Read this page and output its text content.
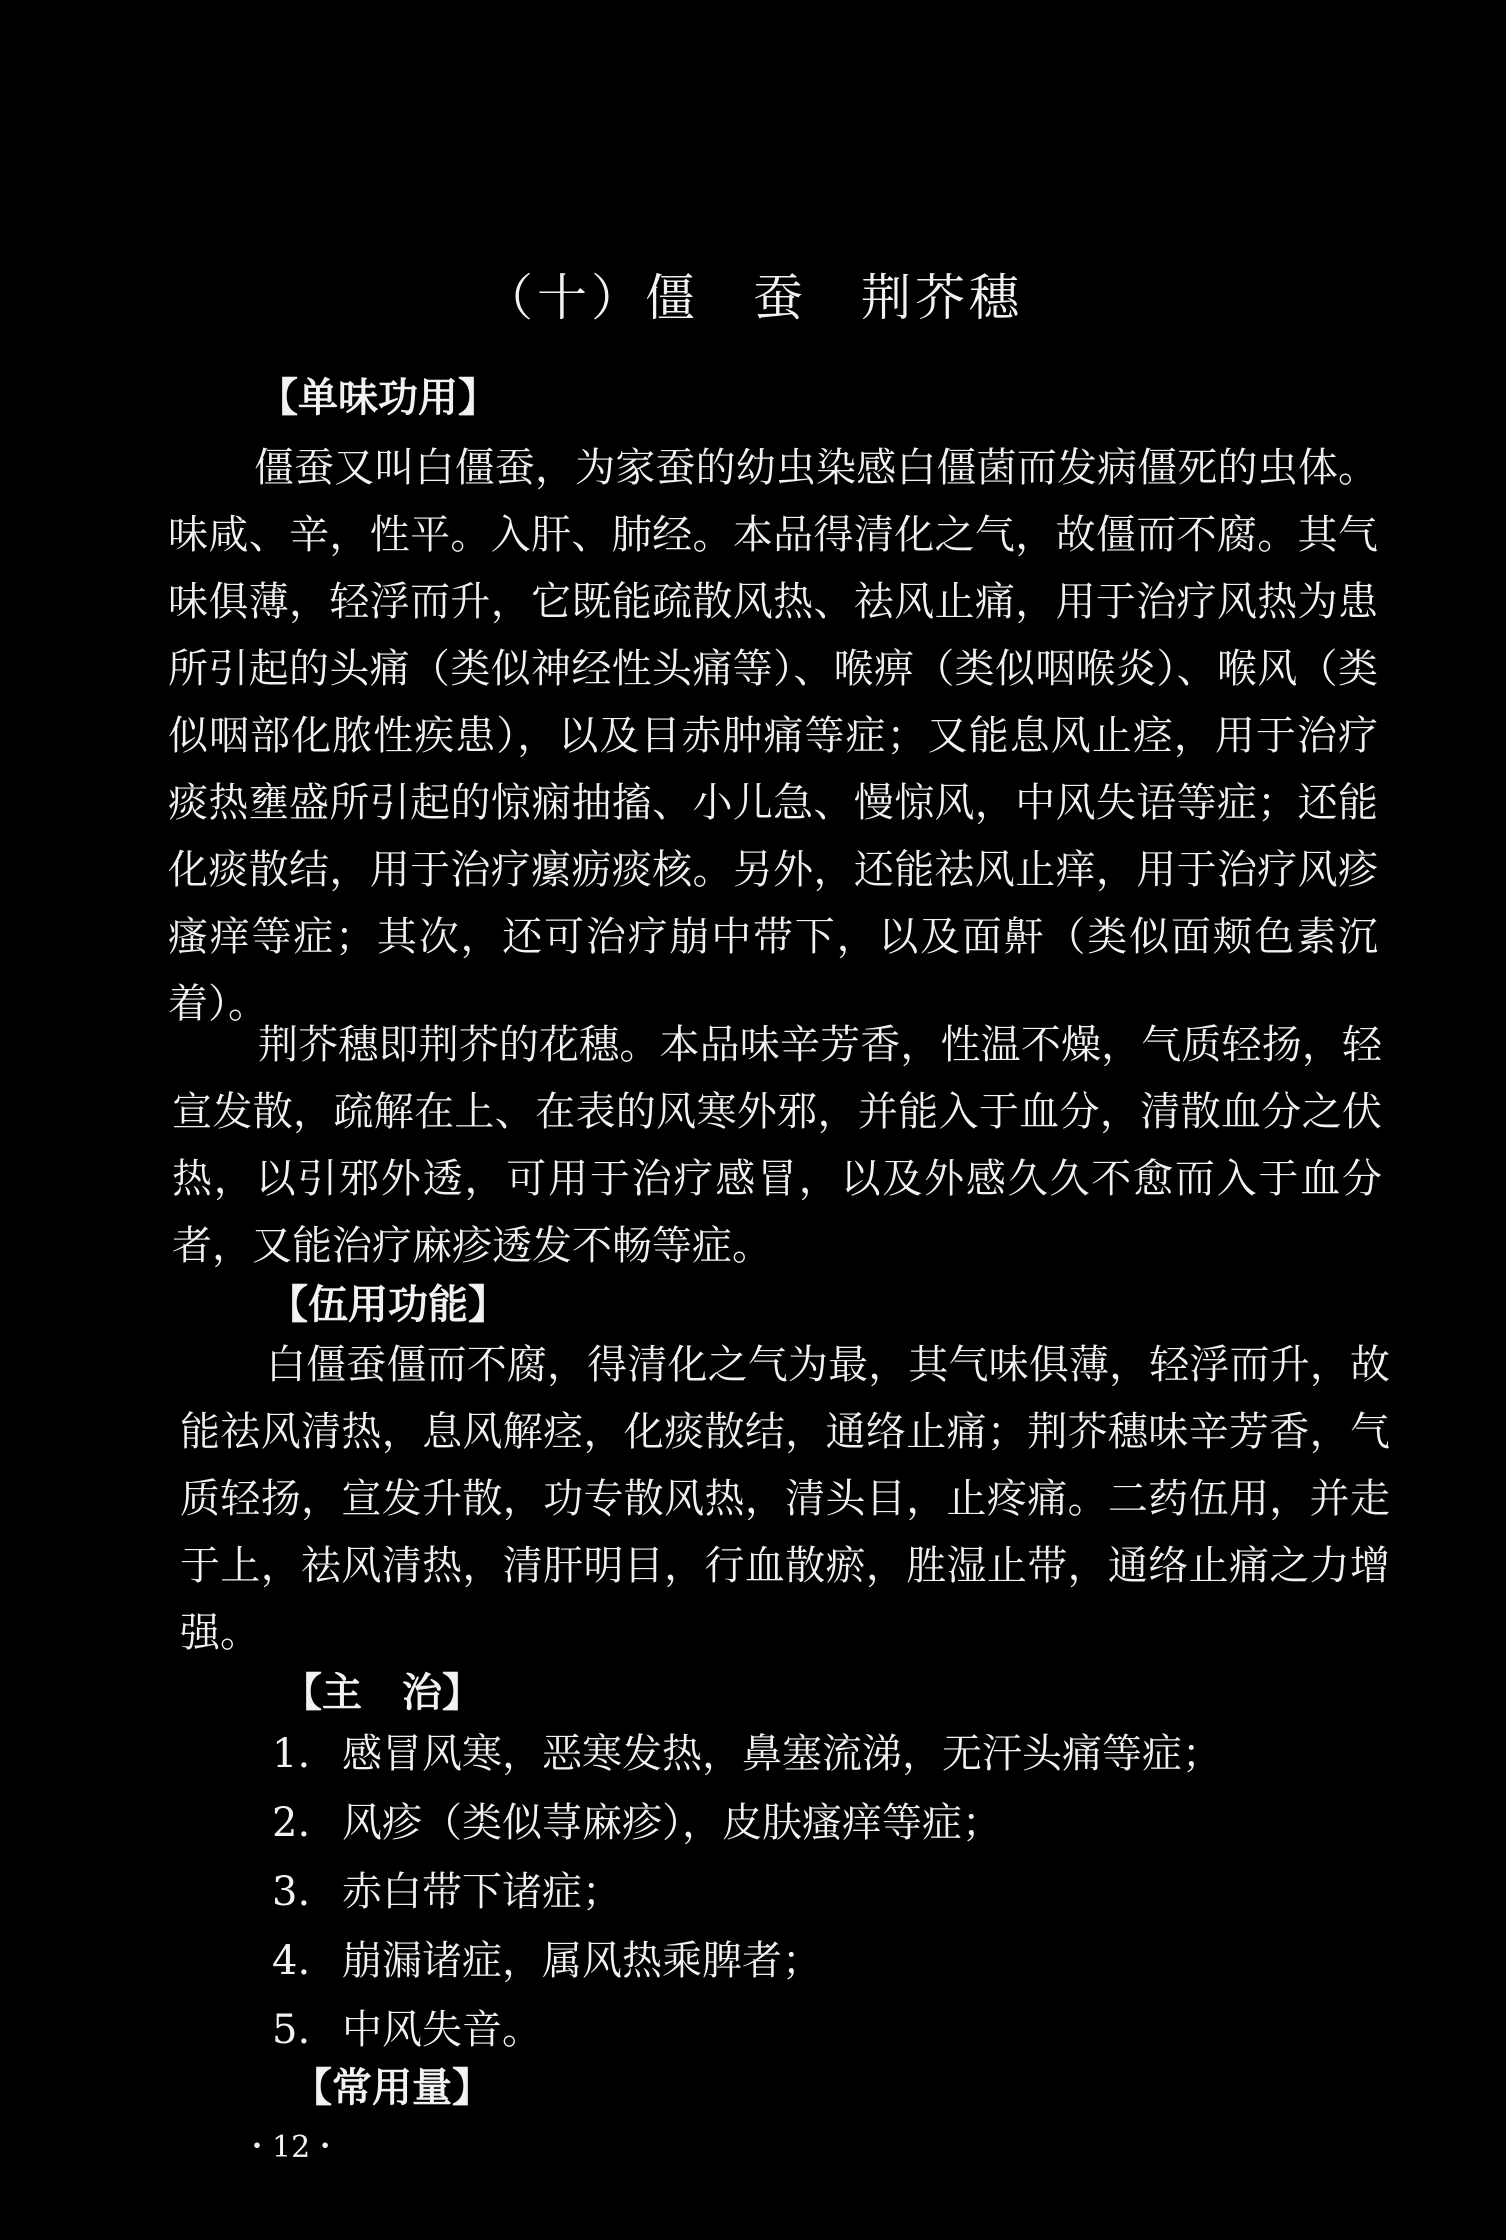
（十）僵　蚕　荆芥穗
【单味功用】

僵蚕又叫白僵蚕，为家蚕的幼虫染感白僵菌而发病僵死的虫体。味咸、辛，性平。入肝、肺经。本品得清化之气，故僵而不腐。其气味俱薄，轻浮而升，它既能疏散风热、祛风止痛，用于治疗风热为患所引起的头痛（类似神经性头痛等）、喉痹（类似咽喉炎）、喉风（类似咽部化脓性疾患），以及目赤肿痛等症；又能息风止痉，用于治疗痰热壅盛所引起的惊痫抽搐、小儿急、慢惊风，中风失语等症；还能化痰散结，用于治疗瘰疬痰核。另外，还能祛风止痒，用于治疗风疹瘙痒等症；其次，还可治疗崩中带下，以及面鼾（类似面颊色素沉着）。

荆芥穗即荆芥的花穗。本品味辛芳香，性温不燥，气质轻扬，轻宣发散，疏解在上、在表的风寒外邪，并能入于血分，清散血分之伏热，以引邪外透，可用于治疗感冒，以及外感久久不愈而入于血分者，又能治疗麻疹透发不畅等症。

【伍用功能】

白僵蚕僵而不腐，得清化之气为最，其气味俱薄，轻浮而升，故能祛风清热，息风解痉，化痰散结，通络止痛；荆芥穗味辛芳香，气质轻扬，宣发升散，功专散风热，清头目，止疼痛。二药伍用，并走于上，祛风清热，清肝明目，行血散瘀，胜湿止带，通络止痛之力增强。

【主　治】
1. 感冒风寒，恶寒发热，鼻塞流涕，无汗头痛等症；
2. 风疹（类似荨麻疹），皮肤瘙痒等症；
3. 赤白带下诸症；
4. 崩漏诸症，属风热乘脾者；
5. 中风失音。
【常用量】
・12・
